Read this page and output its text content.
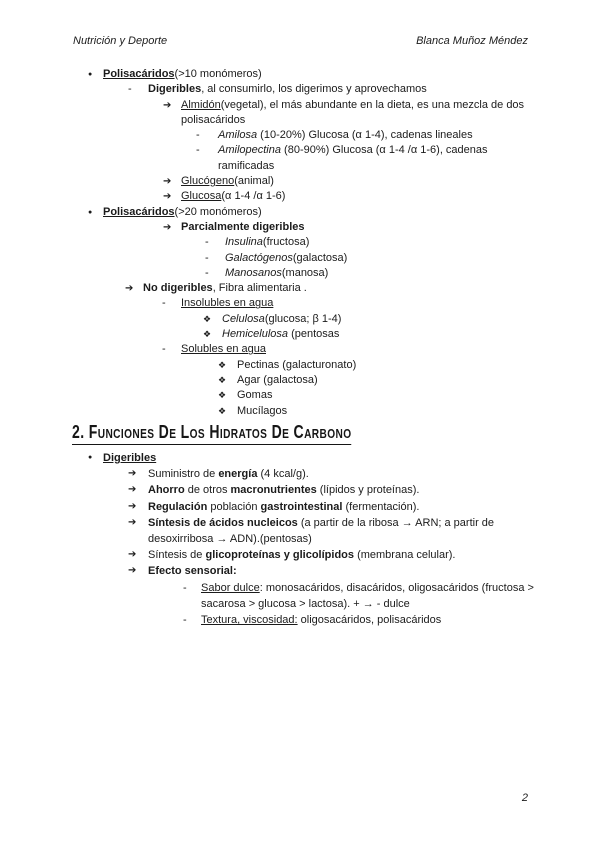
Nutrición y Deporte	Blanca Muñoz Méndez
● Polisacáridos(>10 monómeros)
- Digeribles, al consumirlo, los digerimos y aprovechamos
➔ Almidón(vegetal), el más abundante en la dieta, es una mezcla de dos
polisacáridos
- Amilosa (10-20%) Glucosa (α 1-4), cadenas lineales
- Amilopectina (80-90%) Glucosa (α 1-4 /α 1-6), cadenas
ramificadas
➔ Glucógeno(animal)
➔ Glucosa(α 1-4 /α 1-6)
● Polisacáridos(>20 monómeros)
➔ Parcialmente digeribles
- Insulina(fructosa)
- Galactógenos(galactosa)
- Manosanos(manosa)
➔ No digeribles, Fibra alimentaria .
- Insolubles en agua
❖ Celulosa(glucosa; β 1-4)
❖ Hemicelulosa (pentosas
- Solubles en agua
❖ Pectinas (galacturonato)
❖ Agar (galactosa)
❖ Gomas
❖ Mucílagos
2. Funciones De Los Hidratos De Carbono
● Digeribles
➔ Suministro de energía (4 kcal/g).
➔ Ahorro de otros macronutrientes (lípidos y proteínas).
➔ Regulación población gastrointestinal (fermentación).
➔ Síntesis de ácidos nucleicos (a partir de la ribosa → ARN; a partir de
desoxirribosa → ADN).(pentosas)
➔ Síntesis de glicoproteínas y glicolípidos (membrana celular).
➔ Efecto sensorial:
- Sabor dulce: monosacáridos, disacáridos, oligosacáridos (fructosa >
sacarosa > glucosa > lactosa). + → - dulce
- Textura, viscosidad: oligosacáridos, polisacáridos
2
